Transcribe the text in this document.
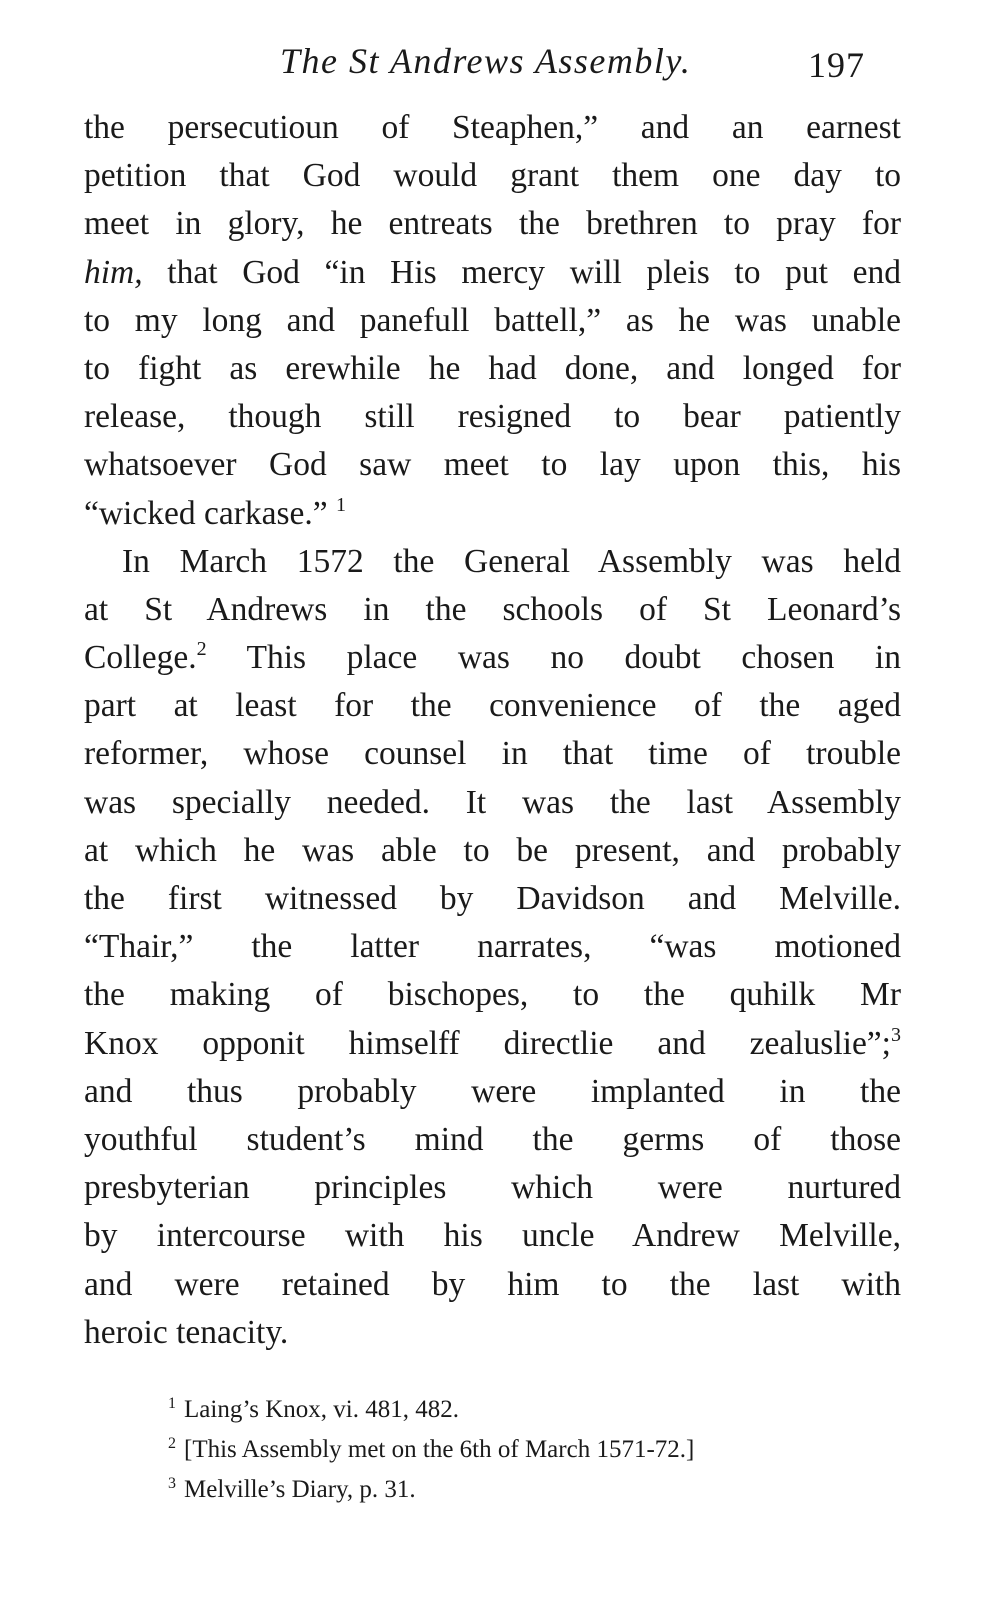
The St Andrews Assembly.	197
the persecutioun of Steaphen,” and an earnest
petition that God would grant them one day to
meet in glory, he entreats the brethren to pray for
him, that God “in His mercy will pleis to put end
to my long and panefull battell,” as he was unable
to fight as erewhile he had done, and longed for
release, though still resigned to bear patiently
whatsoever God saw meet to lay upon this, his
“wicked carkase.” $^1$
In March 1572 the General Assembly was held
at St Andrews in the schools of St Leonard’s
College.$^2$ This place was no doubt chosen in
part at least for the convenience of the aged
reformer, whose counsel in that time of trouble
was specially needed. It was the last Assembly
at which he was able to be present, and probably
the first witnessed by Davidson and Melville.
“Thair,” the latter narrates, “was motioned
the making of bischopes, to the quhilk Mr
Knox opponit himselff directlie and zealuslie”;$^3$
and thus probably were implanted in the
youthful student’s mind the germs of those
presbyterian principles which were nurtured
by intercourse with his uncle Andrew Melville,
and were retained by him to the last with
heroic tenacity.
$^1$ Laing’s Knox, vi. 481, 482.
$^2$ [This Assembly met on the 6th of March 1571-72.]
$^3$ Melville’s Diary, p. 31.
